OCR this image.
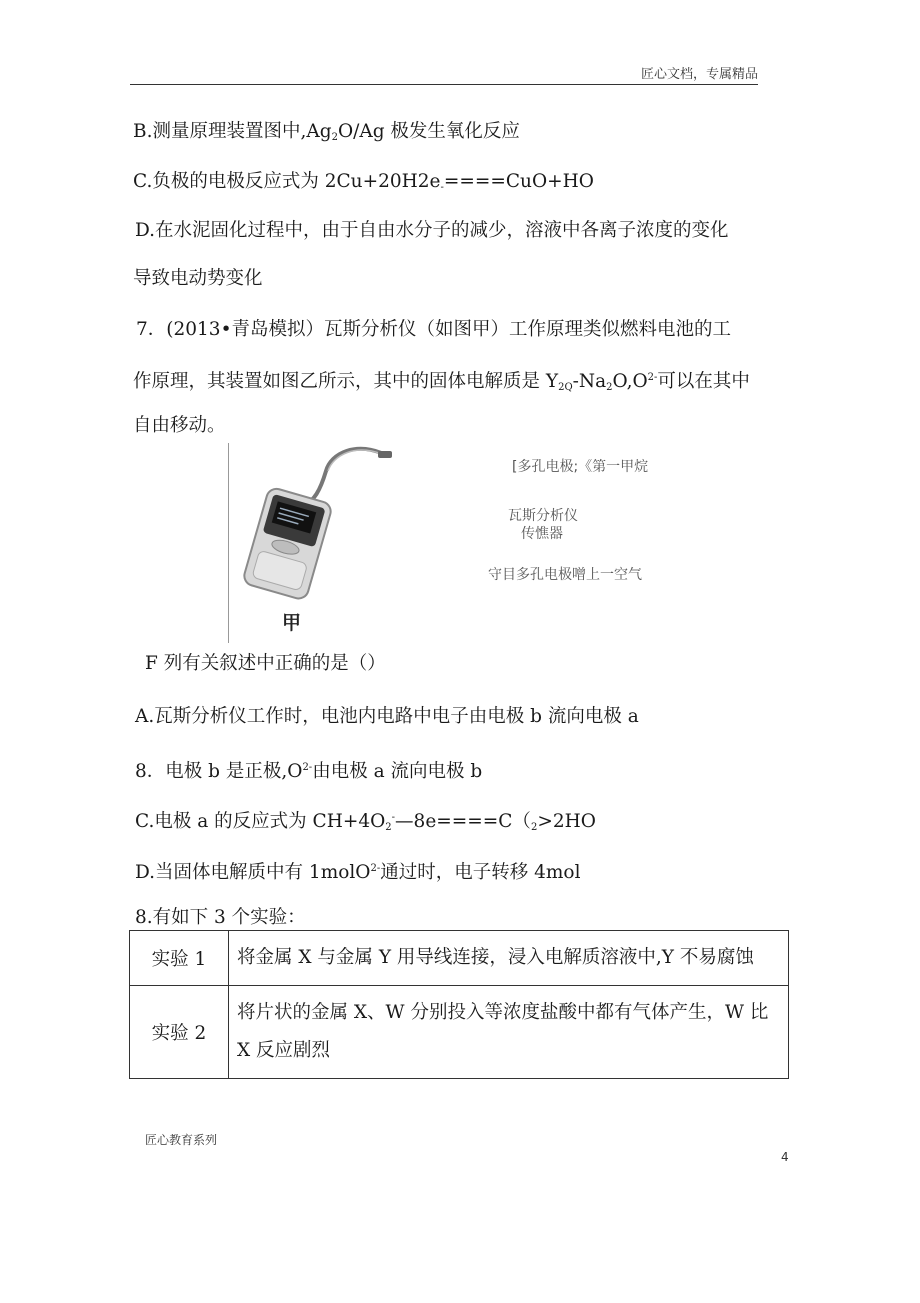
匠心文档，专属精品
B.测量原理装置图中$,Ag_2O/Ag$ 极发生氧化反应
C.负极的电极反应式为 $2Cu+20H2e_-====CuO+HO$
D.在水泥固化过程中，由于自由水分子的减少，溶液中各离子浓度的变化
导致电动势变化
7．(2013•青岛模拟）瓦斯分析仪（如图甲）工作原理类似燃料电池的工
作原理，其装置如图乙所示，其中的固体电解质是 $Y_{2Q}-Na_2O,O^{2-}$可以在其中
自由移动。
甲
[多孔电极;《第一甲烷
瓦斯分析仪
传憔器
守目多孔电极噌上一空气
F 列有关叙述中正确的是（）
A.瓦斯分析仪工作时，电池内电路中电子由电极 b 流向电极 a
8．电极 b 是正极$,O^{2-}$由电极 a 流向电极 b
C.电极 a 的反应式为 $CH+4O_2^-—8e====C(_2>2HO$
D.当固体电解质中有 1molO$^{2-}$通过时，电子转移 4mol
8.有如下 3 个实验：
实验 1	将金属 X 与金属 Y 用导线连接，浸入电解质溶液中,Y 不易腐蚀
实验 2	将片状的金属 X、W 分别投入等浓度盐酸中都有气体产生，W 比 X 反应剧烈
匠心教育系列
4
